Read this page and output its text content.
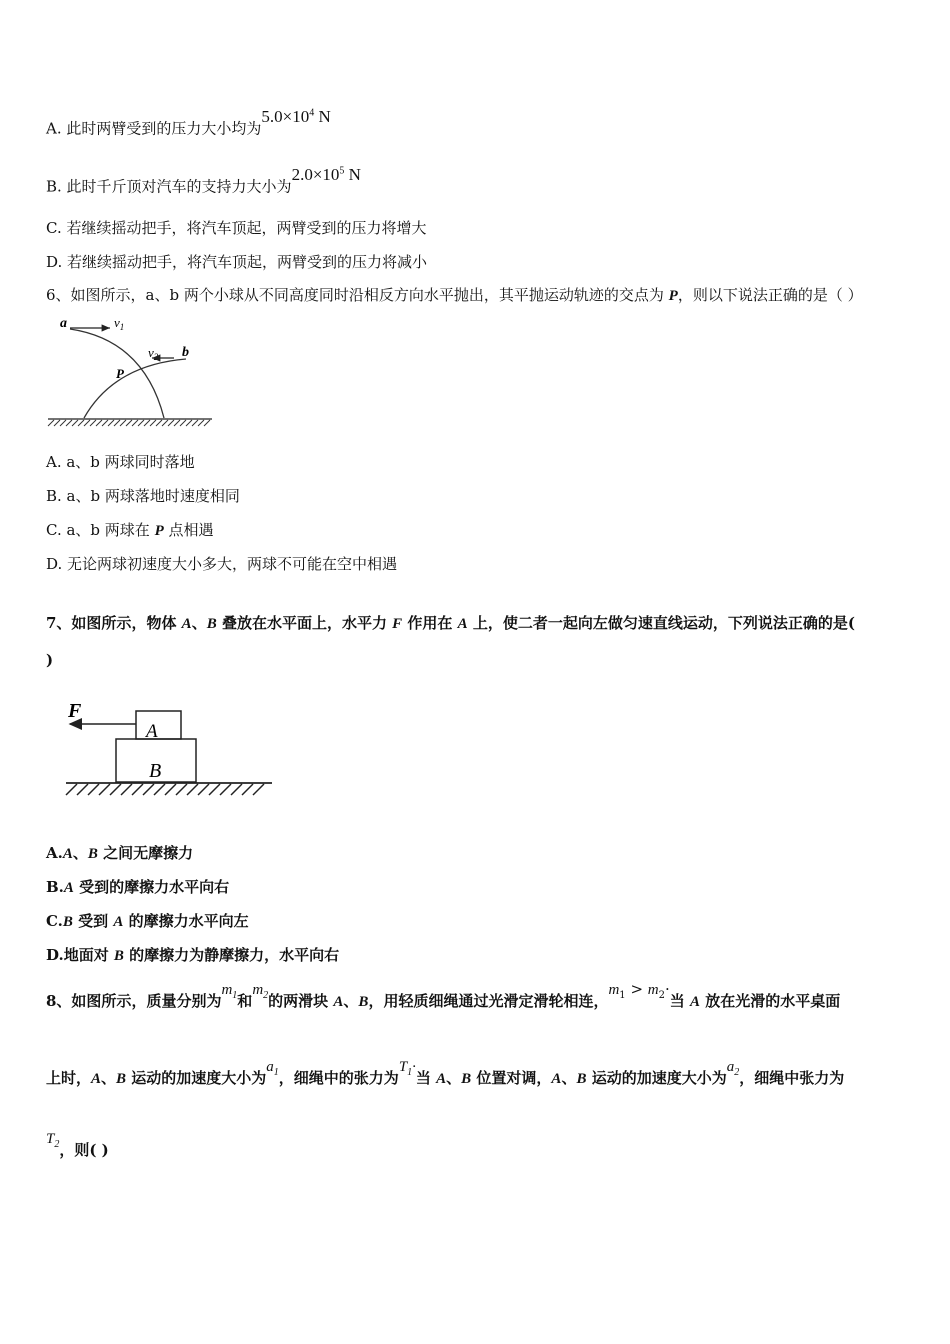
A. 此时两臂受到的压力大小均为$5.0\times 10^4$ N
B. 此时千斤顶对汽车的支持力大小为$2.0\times 10^5$ N
C. 若继续摇动把手，将汽车顶起，两臂受到的压力将增大
D. 若继续摇动把手，将汽车顶起，两臂受到的压力将减小
6、如图所示，a、b 两个小球从不同高度同时沿相反方向水平抛出，其平抛运动轨迹的交点为 P，则以下说法正确的是（ ）
a	$v_1$
$v_2$ b
P
A. a、b 两球同时落地
B. a、b 两球落地时速度相同
C. a、b 两球在 P 点相遇
D. 无论两球初速度大小多大，两球不可能在空中相遇
7、如图所示，物体 A、B 叠放在水平面上，水平力 F 作用在 A 上，使二者一起向左做匀速直线运动，下列说法正确的是(
)
F
A
B
A.A、B 之间无摩擦力
B.A 受到的摩擦力水平向右
C.B 受到 A 的摩擦力水平向左
D.地面对 B 的摩擦力为静摩擦力，水平向右
8、如图所示，质量分别为$m_1$和$m_2$的两滑块 A、B，用轻质细绳通过光滑定滑轮相连，$m_1 > m_2\cdot$当 A 放在光滑的水平桌面
上时，A、B 运动的加速度大小为$a_1$，细绳中的张力为$T_1\cdot$当 A、B 位置对调，A、B 运动的加速度大小为$a_2$，细绳中张力为
$T_2$，则( )
